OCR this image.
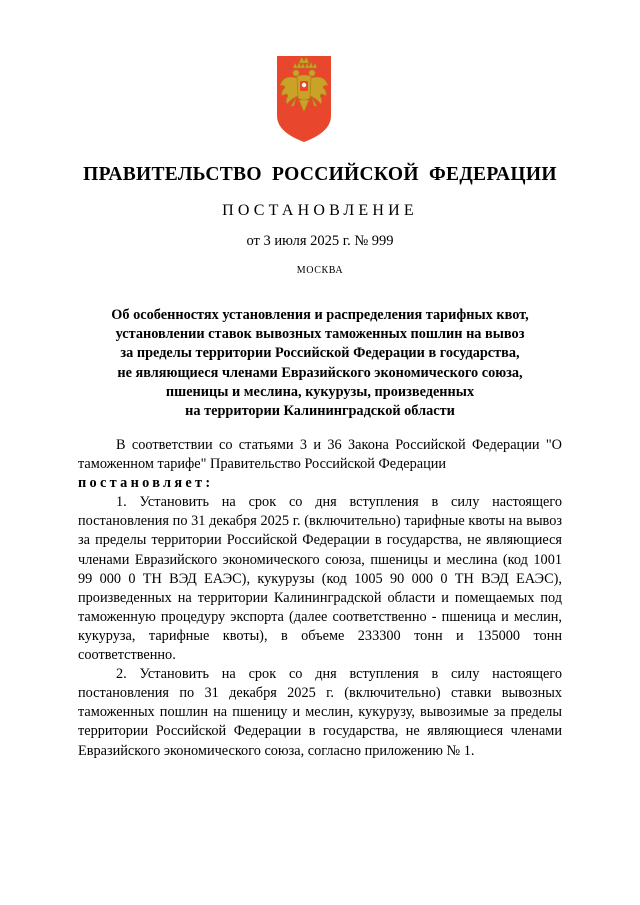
ПРАВИТЕЛЬСТВО РОССИЙСКОЙ ФЕДЕРАЦИИ
ПОСТАНОВЛЕНИЕ
от 3 июля 2025 г. № 999
МОСКВА
Об особенностях установления и распределения тарифных квот,
установлении ставок вывозных таможенных пошлин на вывоз
за пределы территории Российской Федерации в государства,
не являющиеся членами Евразийского экономического союза,
пшеницы и меслина, кукурузы, произведенных
на территории Калининградской области

В соответствии со статьями 3 и 36 Закона Российской Федерации "О таможенном тарифе" Правительство Российской Федерации
постановляет:

1. Установить на срок со дня вступления в силу настоящего постановления по 31 декабря 2025 г. (включительно) тарифные квоты на вывоз за пределы территории Российской Федерации в государства, не являющиеся членами Евразийского экономического союза, пшеницы и меслина (код 1001 99 000 0 ТН ВЭД ЕАЭС), кукурузы (код 1005 90 000 0 ТН ВЭД ЕАЭС), произведенных на территории Калининградской области и помещаемых под таможенную процедуру экспорта (далее соответственно - пшеница и меслин, кукуруза, тарифные квоты), в объеме 233300 тонн и 135000 тонн соответственно.

2. Установить на срок со дня вступления в силу настоящего постановления по 31 декабря 2025 г. (включительно) ставки вывозных таможенных пошлин на пшеницу и меслин, кукурузу, вывозимые за пределы территории Российской Федерации в государства, не являющиеся членами Евразийского экономического союза, согласно приложению № 1.
